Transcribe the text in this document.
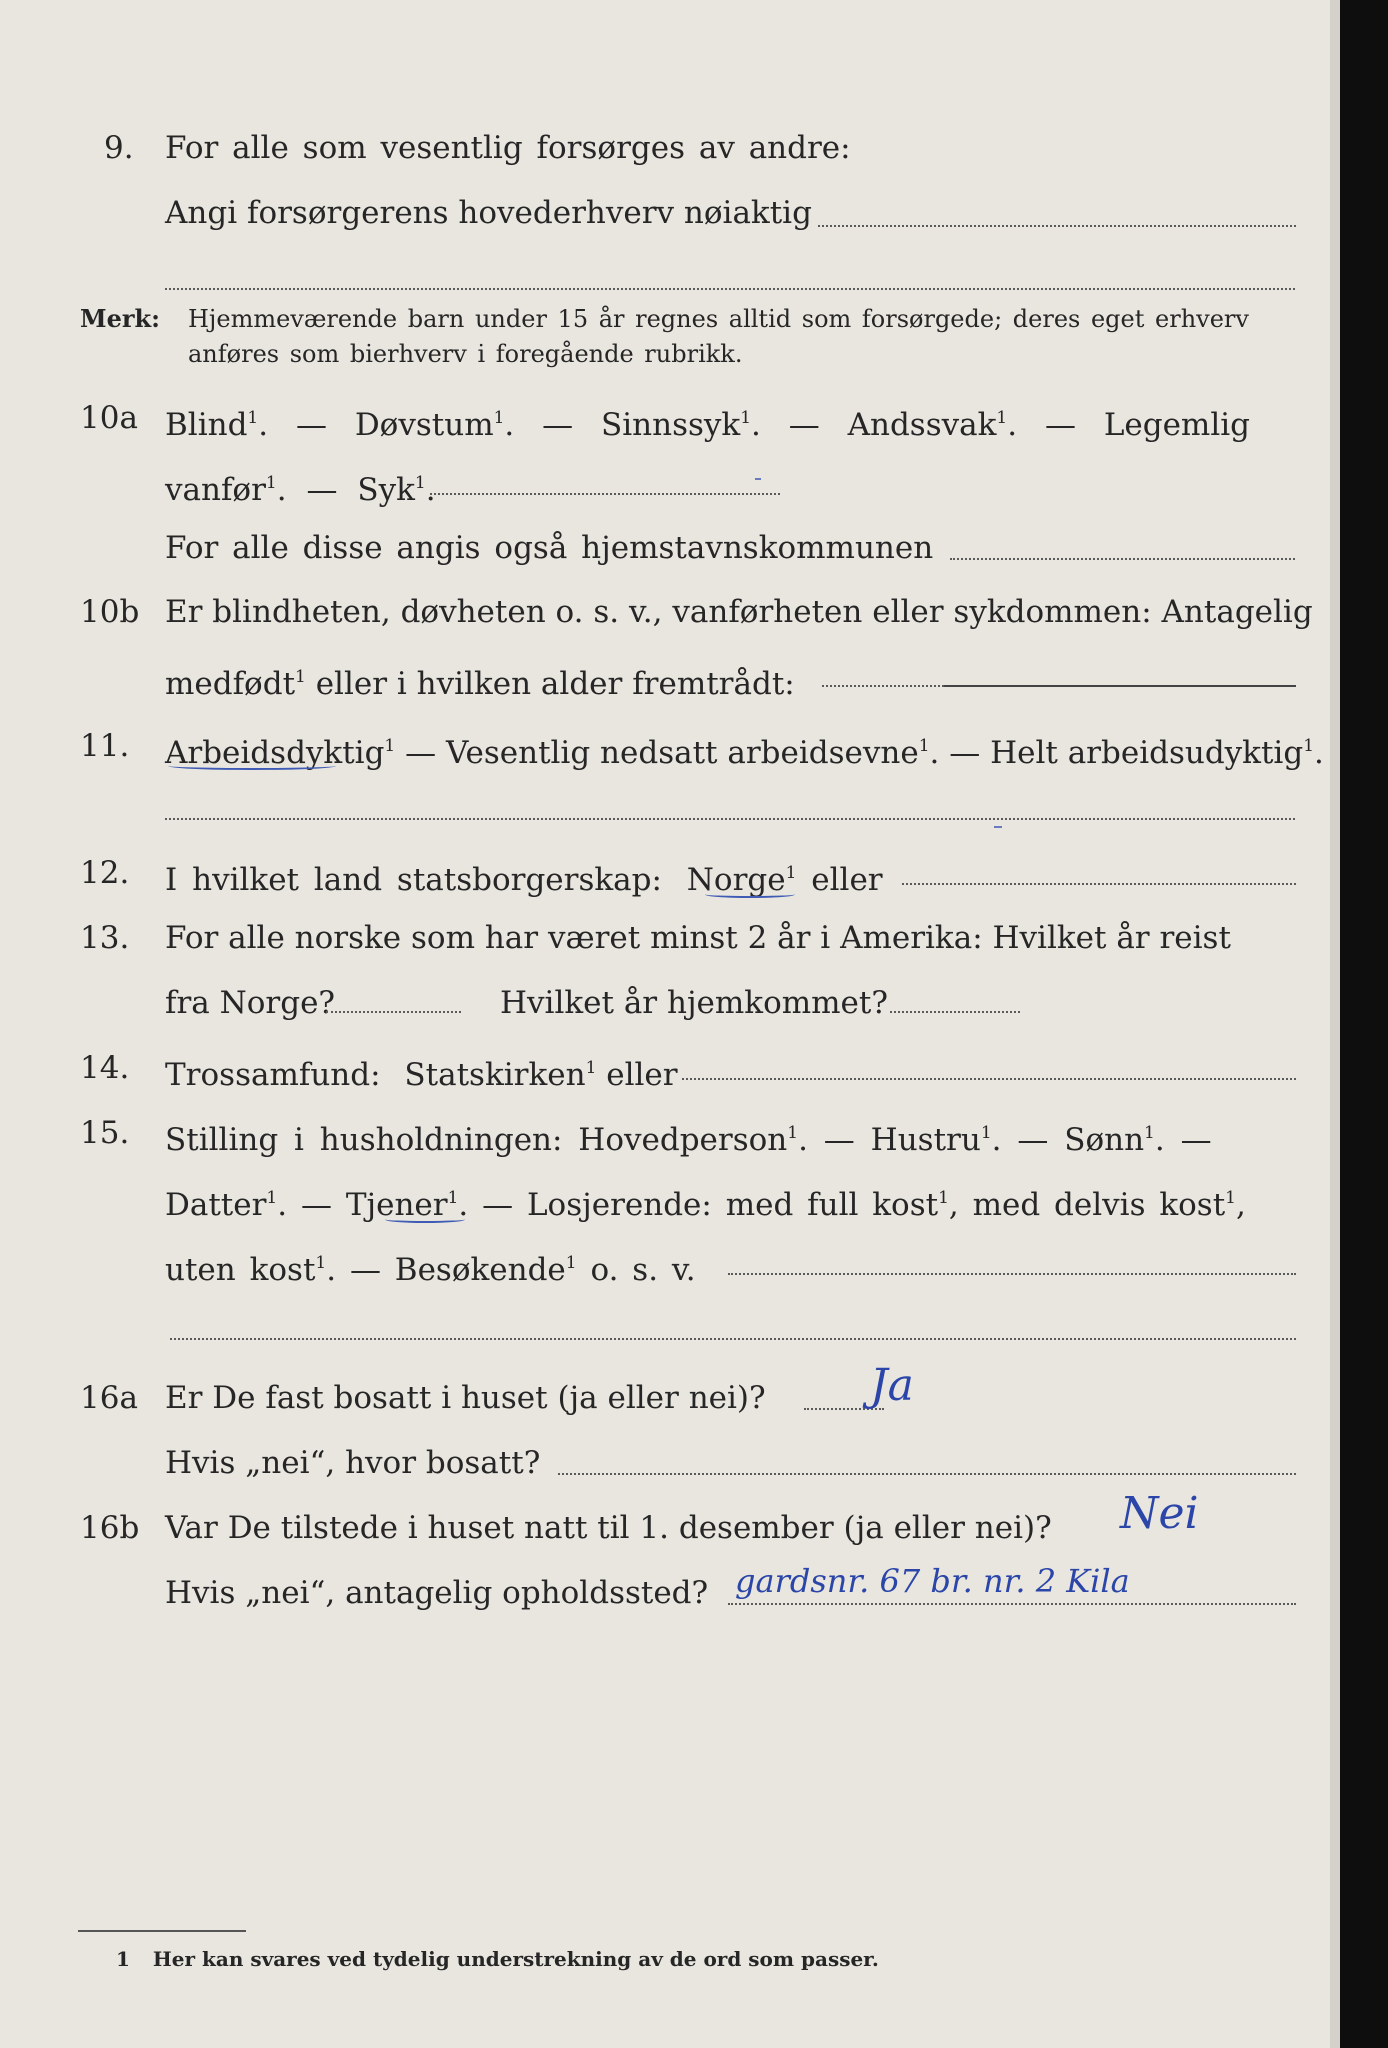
9. For alle som vesentlig forsørges av andre:
Angi forsørgerens hovederhverv nøiaktig
Merk: Hjemmeværende barn under 15 år regnes alltid som forsørgede; deres eget erhverv
anføres som bierhverv i foregående rubrikk.
10a Blind$^1$. — Døvstum$^1$. — Sinnssyk$^1$. — Andssvak$^1$. — Legemlig
vanfør$^1$. — Syk$^1$.
For alle disse angis også hjemstavnskommunen
10b Er blindheten, døvheten o. s. v., vanførheten eller sykdommen: Antagelig
medfødt$^1$ eller i hvilken alder fremtrådt:
11. Arbeidsdyktig$^1$ — Vesentlig nedsatt arbeidsevne$^1$. — Helt arbeidsudyktig$^1$.
12. I hvilket land statsborgerskap: Norge$^1$ eller
13. For alle norske som har været minst 2 år i Amerika: Hvilket år reist
fra Norge?	Hvilket år hjemkommet?
14. Trossamfund: Statskirken$^1$ eller
15. Stilling i husholdningen: Hovedperson$^1$. — Hustru$^1$. — Sønn$^1$. —
Datter$^1$. — Tjener$^1$. — Losjerende: med full kost$^1$, med delvis kost$^1$,
uten kost$^1$. — Besøkende$^1$ o. s. v.
16a Er De fast bosatt i huset (ja eller nei)? Ja
Hvis „nei“, hvor bosatt?
16b Var De tilstede i huset natt til 1. desember (ja eller nei)? Nei
Hvis „nei“, antagelig opholdssted? gardsnr. 67 br. nr. 2 Kila
1 Her kan svares ved tydelig understrekning av de ord som passer.
